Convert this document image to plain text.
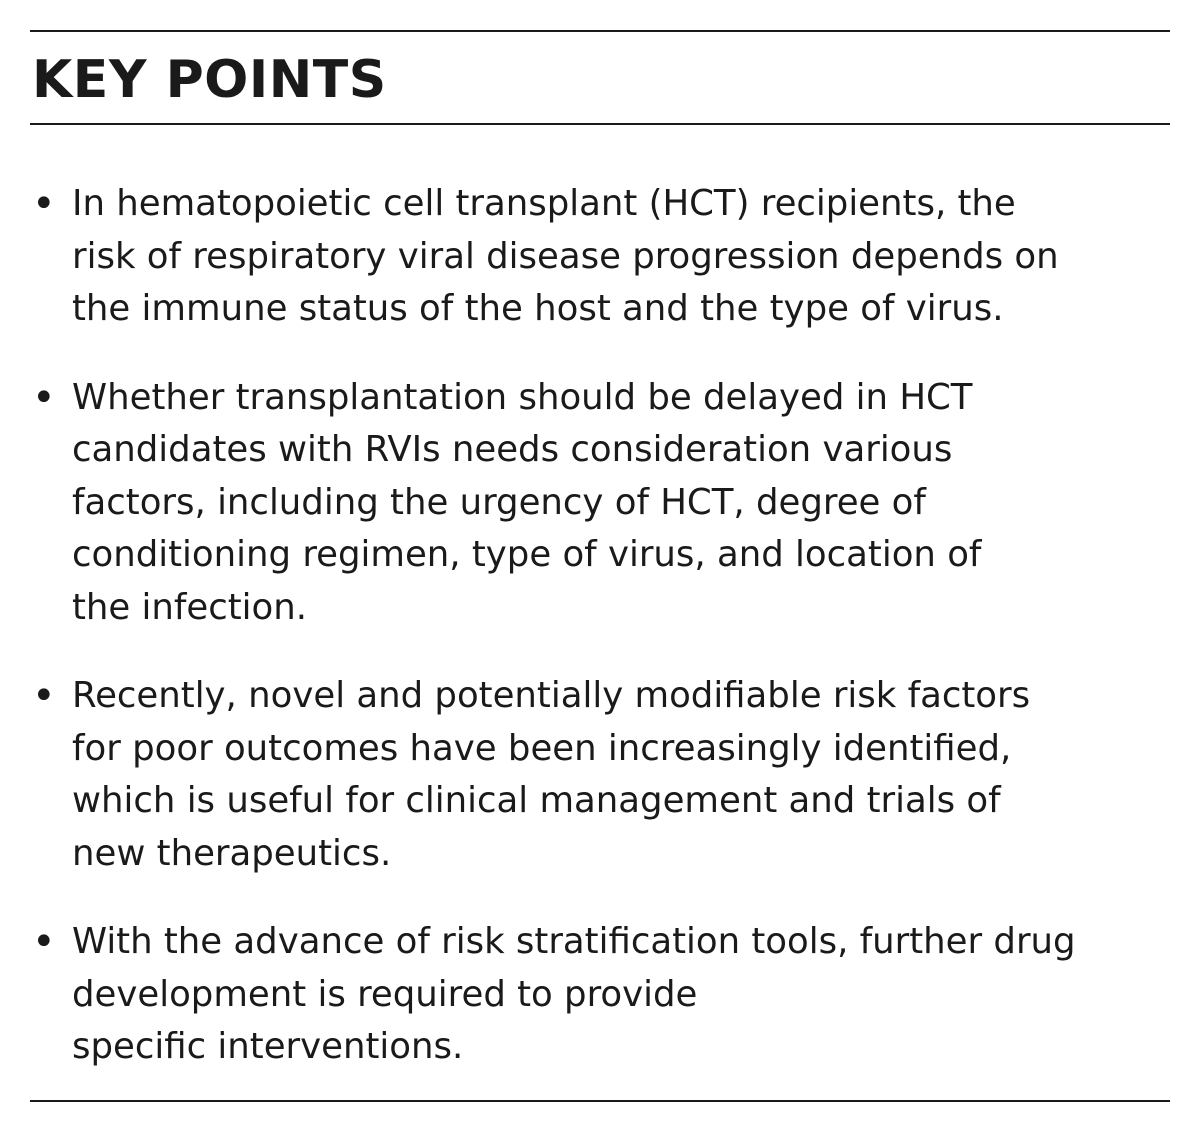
KEY POINTS
• In hematopoietic cell transplant (HCT) recipients, the
risk of respiratory viral disease progression depends on
the immune status of the host and the type of virus.
• Whether transplantation should be delayed in HCT
candidates with RVIs needs consideration various
factors, including the urgency of HCT, degree of
conditioning regimen, type of virus, and location of
the infection.
• Recently, novel and potentially modifiable risk factors
for poor outcomes have been increasingly identified,
which is useful for clinical management and trials of
new therapeutics.
• With the advance of risk stratification tools, further drug
development is required to provide
specific interventions.
